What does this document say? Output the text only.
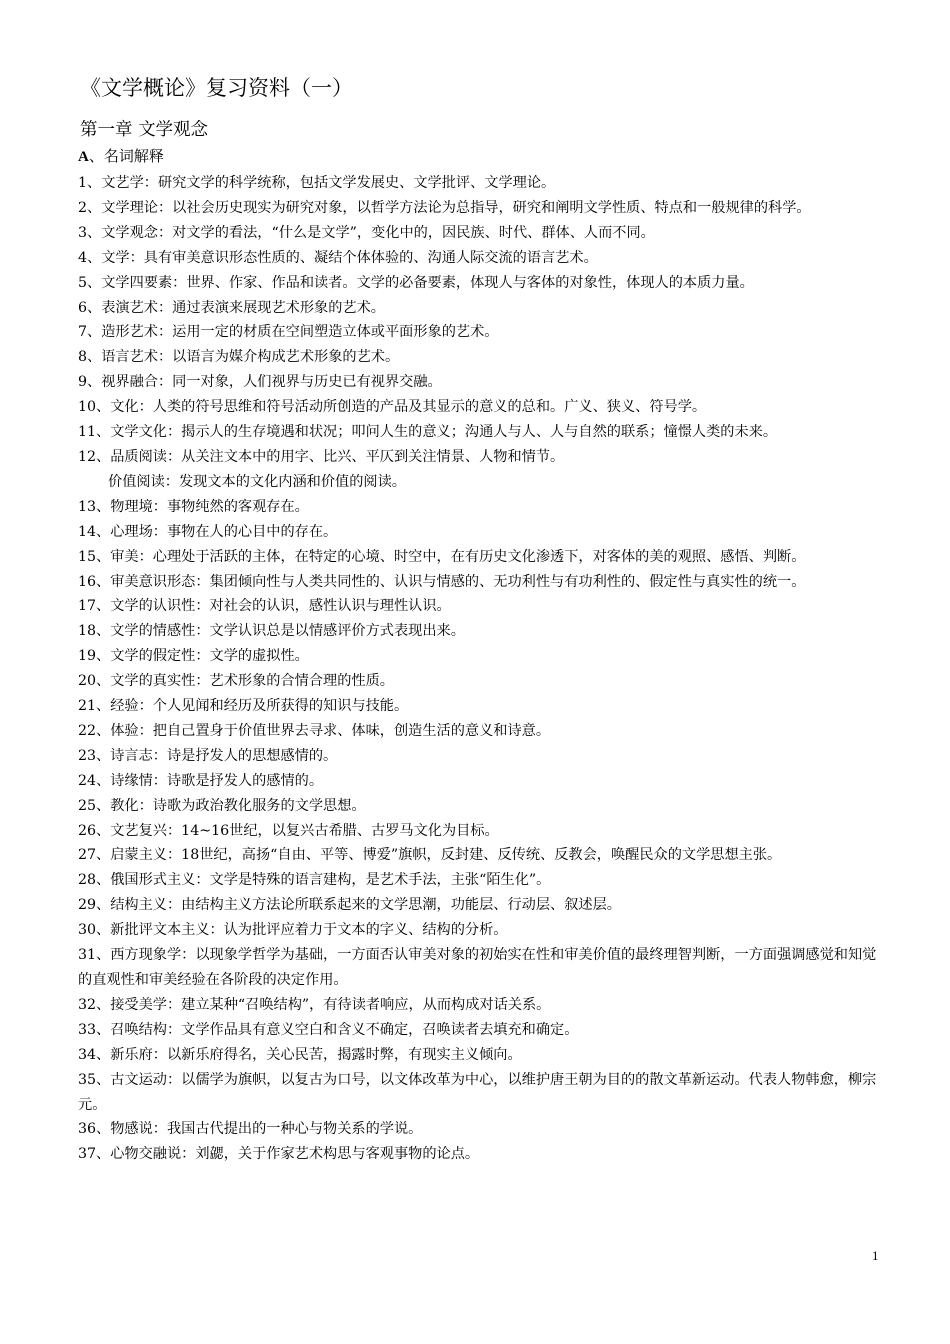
《文学概论》复习资料（一）
第一章 文学观念
A、名词解释

1、文艺学：研究文学的科学统称，包括文学发展史、文学批评、文学理论。

2、文学理论：以社会历史现实为研究对象，以哲学方法论为总指导，研究和阐明文学性质、特点和一般规律的科学。

3、文学观念：对文学的看法，“什么是文学”，变化中的，因民族、时代、群体、人而不同。

4、文学：具有审美意识形态性质的、凝结个体体验的、沟通人际交流的语言艺术。

5、文学四要素：世界、作家、作品和读者。文学的必备要素，体现人与客体的对象性，体现人的本质力量。

6、表演艺术：通过表演来展现艺术形象的艺术。

7、造形艺术：运用一定的材质在空间塑造立体或平面形象的艺术。

8、语言艺术：以语言为媒介构成艺术形象的艺术。

9、视界融合：同一对象，人们视界与历史已有视界交融。

10、文化：人类的符号思维和符号活动所创造的产品及其显示的意义的总和。广义、狭义、符号学。

11、文学文化：揭示人的生存境遇和状况；叩问人生的意义；沟通人与人、人与自然的联系；憧憬人类的未来。

12、品质阅读：从关注文本中的用字、比兴、平仄到关注情景、人物和情节。

价值阅读：发现文本的文化内涵和价值的阅读。

13、物理境：事物纯然的客观存在。

14、心理场：事物在人的心目中的存在。

15、审美：心理处于活跃的主体，在特定的心境、时空中，在有历史文化渗透下，对客体的美的观照、感悟、判断。

16、审美意识形态：集团倾向性与人类共同性的、认识与情感的、无功利性与有功利性的、假定性与真实性的统一。

17、文学的认识性：对社会的认识，感性认识与理性认识。

18、文学的情感性：文学认识总是以情感评价方式表现出来。

19、文学的假定性：文学的虚拟性。

20、文学的真实性：艺术形象的合情合理的性质。

21、经验：个人见闻和经历及所获得的知识与技能。

22、体验：把自己置身于价值世界去寻求、体味，创造生活的意义和诗意。

23、诗言志：诗是抒发人的思想感情的。

24、诗缘情：诗歌是抒发人的感情的。

25、教化：诗歌为政治教化服务的文学思想。

26、文艺复兴：14~16世纪，以复兴古希腊、古罗马文化为目标。

27、启蒙主义：18世纪，高扬“自由、平等、博爱”旗帜，反封建、反传统、反教会，唤醒民众的文学思想主张。

28、俄国形式主义：文学是特殊的语言建构，是艺术手法，主张“陌生化”。

29、结构主义：由结构主义方法论所联系起来的文学思潮，功能层、行动层、叙述层。

30、新批评文本主义：认为批评应着力于文本的字义、结构的分析。

31、西方现象学：以现象学哲学为基础，一方面否认审美对象的初始实在性和审美价值的最终理智判断，一方面强调感觉和知觉的直观性和审美经验在各阶段的决定作用。

32、接受美学：建立某种“召唤结构”，有待读者响应，从而构成对话关系。

33、召唤结构：文学作品具有意义空白和含义不确定，召唤读者去填充和确定。

34、新乐府：以新乐府得名，关心民苦，揭露时弊，有现实主义倾向。

35、古文运动：以儒学为旗帜，以复古为口号，以文体改革为中心，以维护唐王朝为目的的散文革新运动。代表人物韩愈，柳宗元。

36、物感说：我国古代提出的一种心与物关系的学说。

37、心物交融说：刘勰，关于作家艺术构思与客观事物的论点。

1
